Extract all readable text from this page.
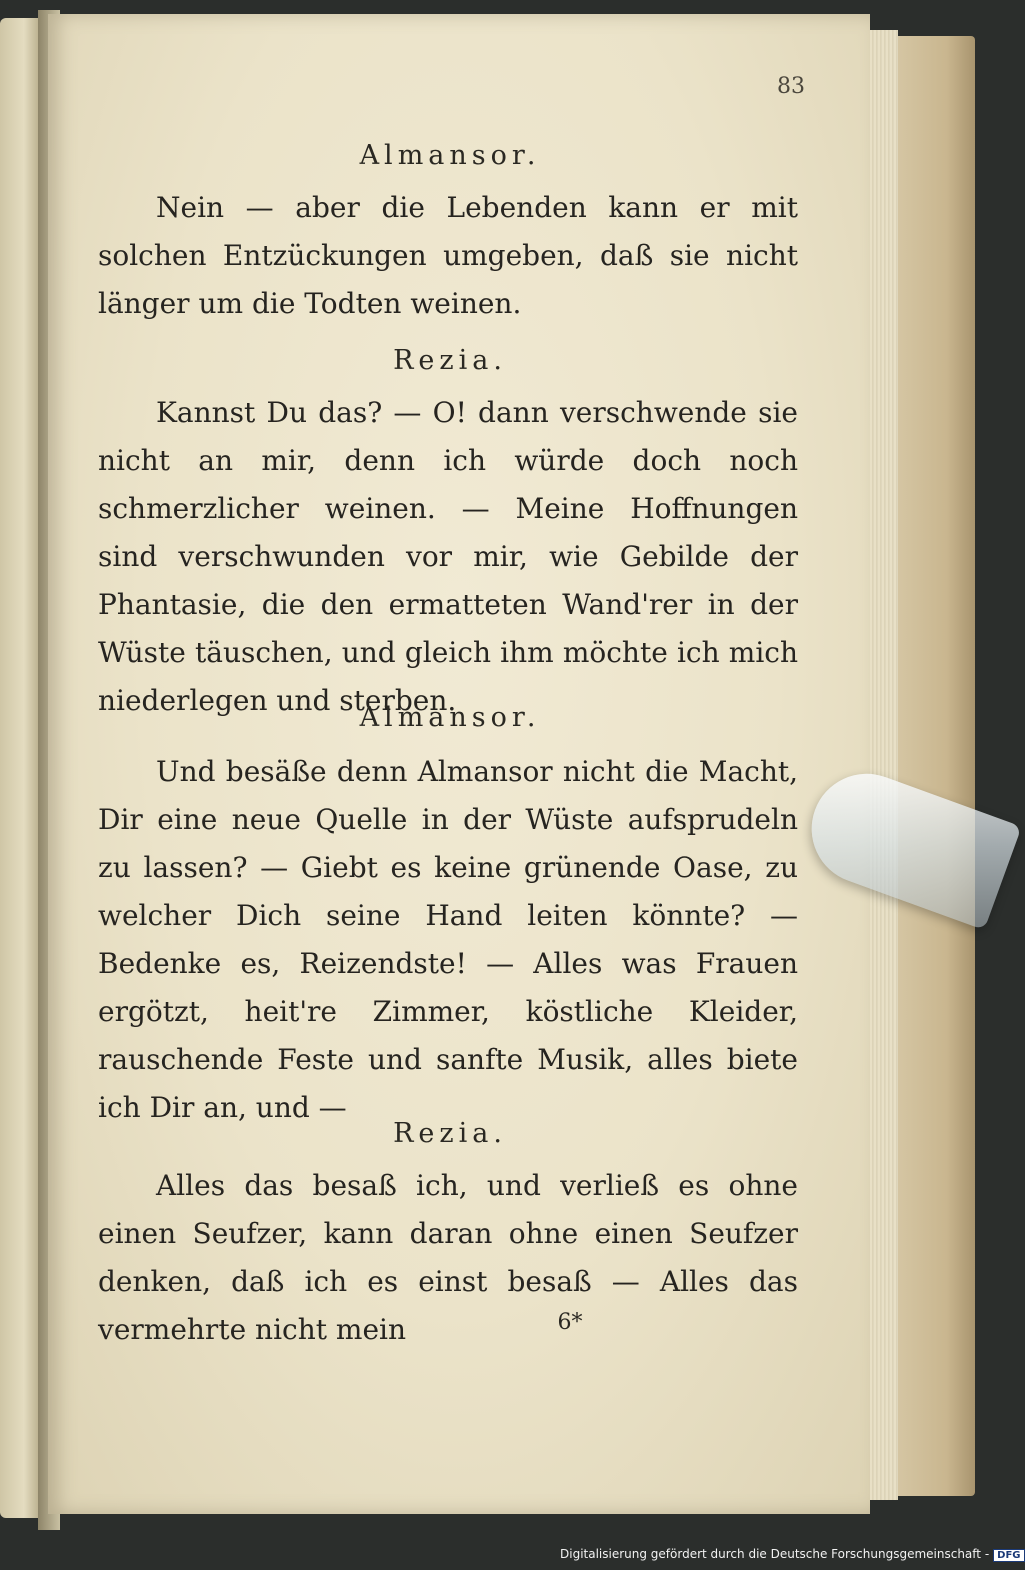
83
Almansor.

Nein — aber die Lebenden kann er mit solchen Entzückungen umgeben, daß sie nicht länger um die Todten weinen.

Rezia.

Kannst Du das? — O! dann verschwende sie nicht an mir, denn ich würde doch noch schmerzlicher weinen. — Meine Hoffnungen sind verschwunden vor mir, wie Gebilde der Phantasie, die den ermatteten Wand'rer in der Wüste täuschen, und gleich ihm möchte ich mich niederlegen und sterben.

Almansor.

Und besäße denn Almansor nicht die Macht, Dir eine neue Quelle in der Wüste aufsprudeln zu lassen? — Giebt es keine grünende Oase, zu welcher Dich seine Hand leiten könnte? — Bedenke es, Reizendste! — Alles was Frauen ergötzt, heit're Zimmer, köstliche Kleider, rauschende Feste und sanfte Musik, alles biete ich Dir an, und —

Rezia.

Alles das besaß ich, und verließ es ohne einen Seufzer, kann daran ohne einen Seufzer denken, daß ich es einst besaß — Alles das vermehrte nicht mein	6*
Digitalisierung gefördert durch die Deutsche Forschungsgemeinschaft - DFG
